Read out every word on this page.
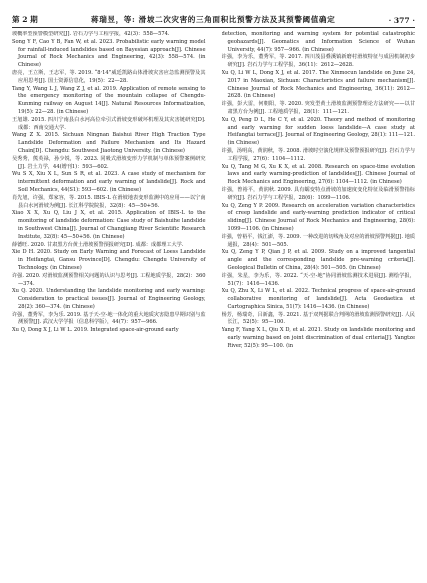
第 2 期	蒋瑞昱，等: 滑坡二次灾害的三角面积比预警方法及其预警阈值确定	· 377 ·

坡概率型预警模型研究[J]. 岩石力学与工程学报，42(3)：558—574.

Song Y F, Cao Y B, Fan W, et al. 2023. Probabilistic early warning model for rainfall-induced landslides based on Bayesian approach[J]. Chinese Journal of Rock Mechanics and Engineering, 42(3): 558—574. (in Chinese)

唐亮，王立斯，王志军，等. 2019. “8·14”威廷凯路山体滑坡灾害应急监测预警及其应用思考[J]. 国土资源信息化，19(5)：22—28.

Tang Y, Wang L J, Wang Z J, et al. 2019. Application of remote sensing to the emergency monitoring of the mountain collapse of Chengdu-Kunming railway on August 14[J]. Natural Resources Informatization, 19(5): 22—28. (in Chinese)

王旭雄. 2015. 四川宁南县白水河高位牵引式滑坡变形破坏机理及其灾害链研究[D]. 成都：西南交通大学.

Wang Z X. 2015. Sichuan Ningnan Baishui River High Traction Type Landslide Deformation and Failure Mechanism and Its Hazard Chain[D]. Chengdu: Southwest Jiaotong University. (in Chinese)

吴秀秀，熊英禄，孙少锐，等. 2023. 同吸式滑坡变形力学机制与单体预警案例研究[J]. 岩土力学，44(增刊1)：593—602.

Wu S X, Xiu X L, Sun S R, et al. 2023. A case study of mechanism for intermittent deformation and early warning of landslide[J]. Rock and Soil Mechanics, 44(S1): 593—602. (in Chinese)

肖先旭，许强，郑家容，等. 2015. IBIS-L 在滑坡地表变形监测中的应用——以宁南县白水河滑坡为例[J]. 长江科学院院报，32(8)：45—50+56.

Xiao X X, Xu Q, Liu J X, et al. 2015. Application of IBIS-L to the monitoring of landslide deformation: Case study of Baishuihe landslide in Southwest China[J]. Journal of Changjiang River Scientific Research Institute, 32(8): 45—50+56. (in Chinese)

薛德旺. 2020. 甘肃黑方台黄土滑坡预警预报研究[D]. 成都：成都理工大学.

Xie D H. 2020. Study on Early Warning and Forecast of Loess Landslide in Heifangtai, Gansu Province[D]. Chengdu: Chengdu University of Technology. (in Chinese)

许强. 2020. 对滑坡监测预警相关问题的认识与思考[J]. 工程地质学报，28(2)：360—374.

Xu Q. 2020. Understanding the landslide monitoring and early warning: Consideration to practical issues[J]. Journal of Engineering Geology, 28(2): 360—374. (in Chinese)

许强，董秀军，李为乐. 2019. 基于天-空-地一体化的重大地质灾害隐患早期识别与监测预警[J]. 武汉大学学报（信息科学版），44(7)：957—966.

Xu Q, Dong X J, Li W L. 2019. Integrated space-air-ground early

detection, monitoring and warning system for potential catastrophic geohazards[J]. Geomatics and Information Science of Wuhan University, 44(7): 957—966. (in Chinese)

许强，李为乐，董秀军，等. 2017. 四川茂县叠溪镇新磨村滑坡特征与成因机制初步研究[J]. 岩石力学与工程学报，36(11)：2612—2628.

Xu Q, Li W L, Dong X J, et al. 2017. The Xinmocun landslide on June 24, 2017 in Maoxian, Sichuan: Characteristics and failure mechanism[J]. Chinese Journal of Rock Mechanics and Engineering, 36(11): 2612—2628. (in Chinese)

许强，彭大雷，何朝阳，等. 2020. 突发型黄土滑坡监测预警理论方法研究——以甘肃黑方台为例[J]. 工程地质学报，28(1)：111—121.

Xu Q, Peng D L, He C Y, et al. 2020. Theory and method of monitoring and early warning for sudden loess landslide—A case study at Heifangtai terrace[J]. Journal of Engineering Geology, 28(1): 111—121. (in Chinese)

许强，汤明高，黄润秋，等. 2008. 滑坡时空演化规律及预警预报研究[J]. 岩石力学与工程学报，27(6)：1104—1112.

Xu Q, Tang M G, Xu K X, et al. 2008. Research on space-time evolution laws and early warning-prediction of landslides[J]. Chinese Journal of Rock Mechanics and Engineering, 27(6): 1104—1112. (in Chinese)

许强，曾裕平，黄润秋. 2009. 具有蠕变特点滑坡的加速度变化特征及临滑预警指标研究[J]. 岩石力学与工程学报，28(6)：1099—1106.

Xu Q, Zeng Y P. 2009. Research on acceleration variation characteristics of creep landslide and early-warning prediction indicator of critical sliding[J]. Chinese Journal of Rock Mechanics and Engineering, 28(6): 1099—1106. (in Chinese)

许强，曾裕平，钱江澎，等. 2009. 一种改进的切线角及对应的滑坡预警判据[J]. 地质通报，28(4)：501—505.

Xu Q, Zeng Y P, Qian J P, et al. 2009. Study on a improved tangential angle and the corresponding landslide pre-warning criteria[J]. Geological Bulletin of China, 28(4): 501—505. (in Chinese)

许强，朱星，李为乐，等. 2022. “天-空-地”协同滑坡监测技术进展[J]. 测绘学报，51(7)：1416—1436.

Xu Q, Zhu X, Li W L, et al. 2022. Technical progress of space-air-ground collaborative monitoring of landslide[J]. Acta Geodaetica et Cartographica Sinica, 51(7): 1416—1436. (in Chinese)

杨芳，杨瑞奇，吕新鑫，等. 2021. 基于双判据联合判网的滑坡监测预警研究[J]. 人民长江，52(5)：95—100.

Yang F, Yang X L, Qiu X D, et al. 2021. Study on landslide monitoring and early warning based on joint discrimination of dual criteria[J]. Yangtze River, 52(5): 95—100. (in
